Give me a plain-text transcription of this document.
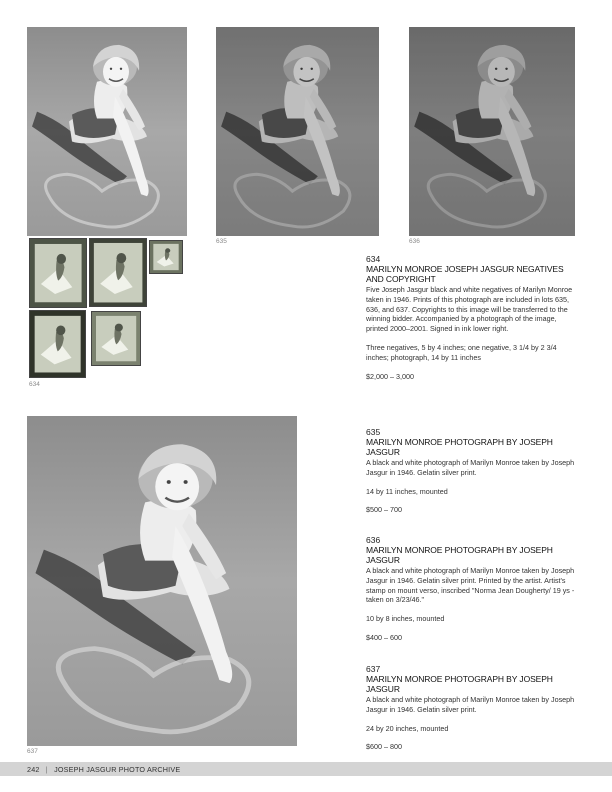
635	636
634
637
634
MARILYN MONROE JOSEPH JASGUR NEGATIVES AND COPYRIGHT
Five Joseph Jasgur black and white negatives of Marilyn Monroe taken in 1946. Prints of this photograph are included in lots 635, 636, and 637. Copyrights to this image will be transferred to the winning bidder. Accompanied by a photograph of the image, printed 2000–2001. Signed in ink lower right.
Three negatives, 5 by 4 inches; one negative, 3 1/4 by 2 3/4 inches; photograph, 14 by 11 inches
$2,000 – 3,000
635
MARILYN MONROE PHOTOGRAPH BY JOSEPH JASGUR
A black and white photograph of Marilyn Monroe taken by Joseph Jasgur in 1946. Gelatin silver print.
14 by 11 inches, mounted
$500 – 700
636
MARILYN MONROE PHOTOGRAPH BY JOSEPH JASGUR
A black and white photograph of Marilyn Monroe taken by Joseph Jasgur in 1946. Gelatin silver print. Printed by the artist. Artist's stamp on mount verso, inscribed "Norma Jean Dougherty/ 19 ys - taken on 3/23/46."
10 by 8 inches, mounted
$400 – 600
637
MARILYN MONROE PHOTOGRAPH BY JOSEPH JASGUR
A black and white photograph of Marilyn Monroe taken by Joseph Jasgur in 1946. Gelatin silver print.
24 by 20 inches, mounted
$600 – 800
242 | JOSEPH JASGUR PHOTO ARCHIVE
